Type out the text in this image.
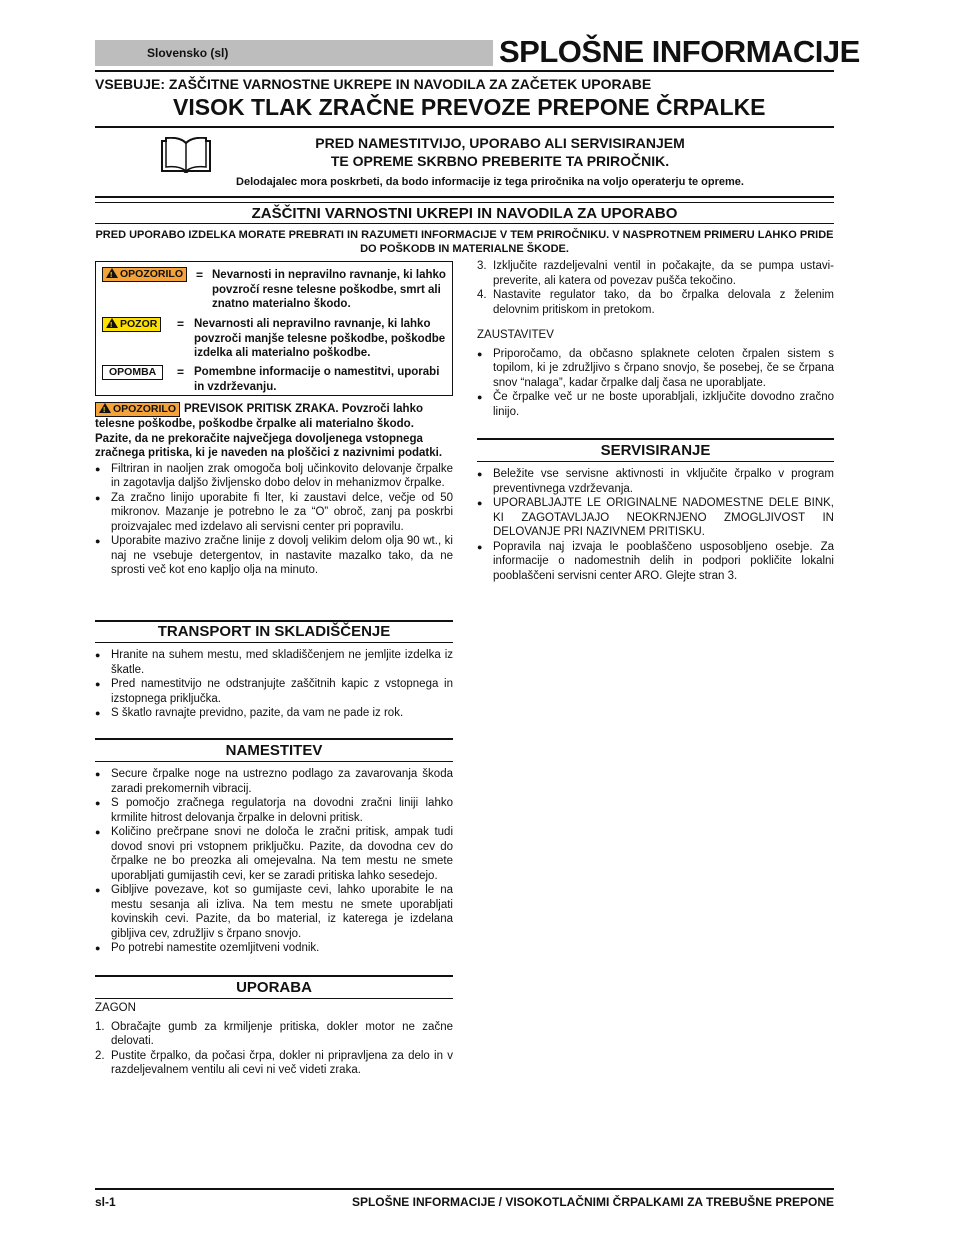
Slovensko (sl)	SPLOŠNE INFORMACIJE
VSEBUJE: ZAŠČITNE VARNOSTNE UKREPE IN NAVODILA ZA ZAČETEK UPORABE
VISOK TLAK ZRAČNE PREVOZE PREPONE ČRPALKE
PRED NAMESTITVIJO, UPORABO ALI SERVISIRANJEM
TE OPREME SKRBNO PREBERITE TA PRIROČNIK.
Delodajalec mora poskrbeti, da bodo informacije iz tega priročnika na voljo operaterju te opreme.
ZAŠČITNI VARNOSTNI UKREPI IN NAVODILA ZA UPORABO
PRED UPORABO IZDELKA MORATE PREBRATI IN RAZUMETI INFORMACIJE V TEM PRIROČNIKU. V NASPROTNEM PRIMERU LAHKO PRIDE DO POŠKODB IN MATERIALNE ŠKODE.
!OPOZORILO	= Nevarnosti in nepravilno ravnanje, ki lahko povzročí resne telesne poškodbe, smrt ali znatno materialno škodo.
!POZOR	= Nevarnosti ali nepravilno ravnanje, ki lahko povzroči manjše telesne poškodbe, poškodbe izdelka ali materialno poškodbe.
OPOMBA	= Pomembne informacije o namestitvi, uporabi in vzdrževanju.
!OPOZORILO PREVISOK PRITISK ZRAKA. Povzroči lahko telesne poškodbe, poškodbe črpalke ali materialno škodo. Pazite, da ne prekoračite največjega dovoljenega vstopnega zračnega pritiska, ki je naveden na ploščici z nazivnimi podatki.
● Filtriran in naoljen zrak omogoča bolj učinkovito delovanje črpalke in zagotavlja daljšo življensko dobo delov in mehanizmov črpalke.
● Za zračno linijo uporabite fi lter, ki zaustavi delce, večje od 50 mikronov. Mazanje je potrebno le za “O” obroč, zanj pa poskrbi proizvajalec med izdelavo ali servisni center pri popravilu.
● Uporabite mazivo zračne linije z dovolj velikim delom olja 90 wt., ki naj ne vsebuje detergentov, in nastavite mazalko tako, da ne sprosti več kot eno kapljo olja na minuto.
TRANSPORT IN SKLADIŠČENJE
● Hranite na suhem mestu, med skladiščenjem ne jemljite izdelka iz škatle.
● Pred namestitvijo ne odstranjujte zaščitnih kapic z vstopnega in izstopnega priključka.
● S škatlo ravnajte previdno, pazite, da vam ne pade iz rok.
NAMESTITEV
● Secure črpalke noge na ustrezno podlago za zavarovanja škoda zaradi prekomernih vibracij.
● S pomočjo zračnega regulatorja na dovodni zračni liniji lahko krmilite hitrost delovanja črpalke in delovni pritisk.
● Količino prečrpane snovi ne določa le zračni pritisk, ampak tudi dovod snovi pri vstopnem priključku. Pazite, da dovodna cev do črpalke ne bo preozka ali omejevalna. Na tem mestu ne smete uporabljati gumijastih cevi, ker se zaradi pritiska lahko sesedejo.
● Gibljive povezave, kot so gumijaste cevi, lahko uporabite le na mestu sesanja ali izliva. Na tem mestu ne smete uporabljati kovinskih cevi. Pazite, da bo material, iz katerega je izdelana gibljiva cev, združljiv s črpano snovjo.
● Po potrebi namestite ozemljitveni vodnik.
UPORABA
ZAGON
1. Obračajte gumb za krmiljenje pritiska, dokler motor ne začne delovati.
2. Pustite črpalko, da počasi črpa, dokler ni pripravljena za delo in v razdeljevalnem ventilu ali cevi ni več videti zraka.
3. Izključite razdeljevalni ventil in počakajte, da se pumpa ustavi- preverite, ali katera od povezav pušča tekočino.
4. Nastavite regulator tako, da bo črpalka delovala z želenim delovnim pritiskom in pretokom.
ZAUSTAVITEV
● Priporočamo, da občasno splaknete celoten črpalen sistem s topilom, ki je združljivo s črpano snovjo, še posebej, če se črpana snov “nalaga”, kadar črpalke dalj časa ne uporabljate.
● Če črpalke več ur ne boste uporabljali, izključite dovodno zračno linijo.
SERVISIRANJE
● Beležite vse servisne aktivnosti in vključite črpalko v program preventivnega vzdrževanja.
● UPORABLJAJTE LE ORIGINALNE NADOMESTNE DELE BINK, KI ZAGOTAVLJAJO NEOKRNJENO ZMOGLJIVOST IN DELOVANJE PRI NAZIVNEM PRITISKU.
● Popravila naj izvaja le pooblaščeno usposobljeno osebje. Za informacije o nadomestnih delih in podpori pokličite lokalni pooblaščeni servisni center ARO. Glejte stran 3.
sl-1	SPLOŠNE INFORMACIJE / VISOKOTLAČNIMI ČRPALKAMI ZA TREBUŠNE PREPONE
